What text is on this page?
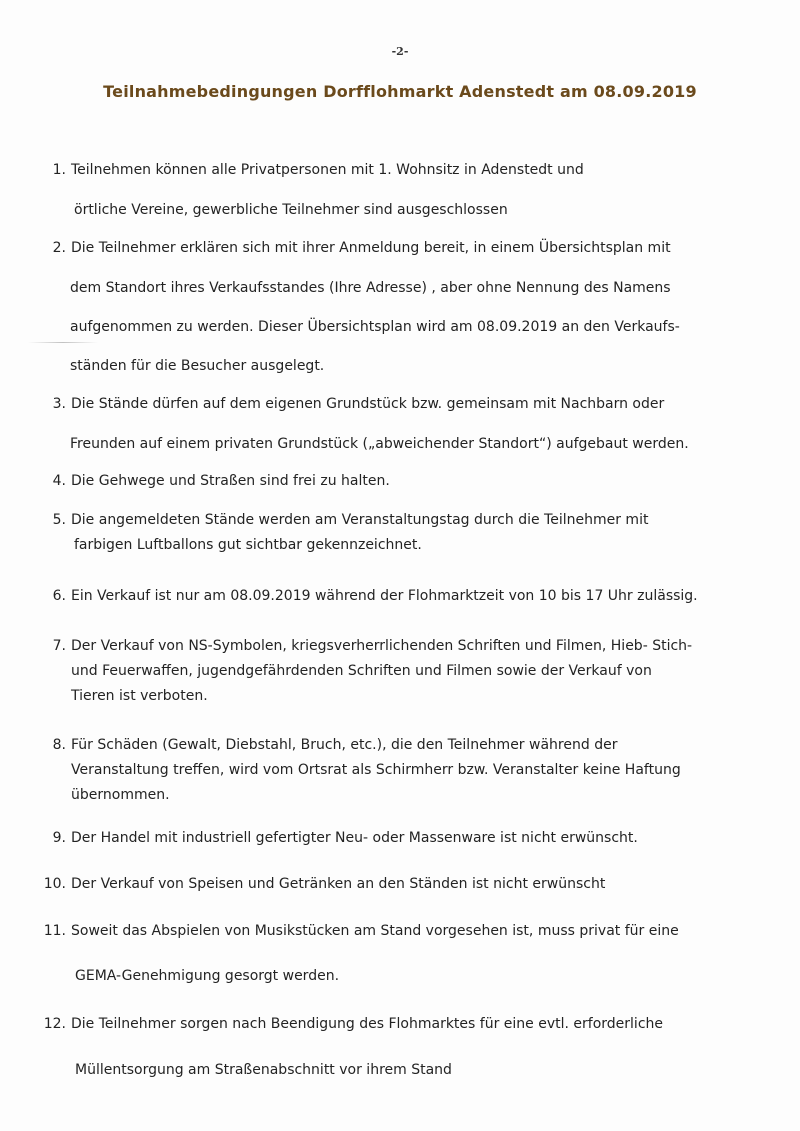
-2-
Teilnahmebedingungen Dorfflohmarkt Adenstedt am 08.09.2019
1. Teilnehmen können alle Privatpersonen mit 1. Wohnsitz in Adenstedt und
örtliche Vereine, gewerbliche Teilnehmer sind ausgeschlossen
2. Die Teilnehmer erklären sich mit ihrer Anmeldung bereit, in einem Übersichtsplan mit
dem Standort ihres Verkaufsstandes (Ihre Adresse) , aber ohne Nennung des Namens
aufgenommen zu werden. Dieser Übersichtsplan wird am 08.09.2019 an den Verkaufs-
ständen für die Besucher ausgelegt.
3. Die Stände dürfen auf dem eigenen Grundstück bzw. gemeinsam mit Nachbarn oder
Freunden auf einem privaten Grundstück („abweichender Standort“) aufgebaut werden.
4. Die Gehwege und Straßen sind frei zu halten.
5. Die angemeldeten Stände werden am Veranstaltungstag durch die Teilnehmer mit
farbigen Luftballons gut sichtbar gekennzeichnet.
6. Ein Verkauf ist nur am 08.09.2019 während der Flohmarktzeit von 10 bis 17 Uhr zulässig.
7. Der Verkauf von NS-Symbolen, kriegsverherrlichenden Schriften und Filmen, Hieb- Stich-
und Feuerwaffen, jugendgefährdenden Schriften und Filmen sowie der Verkauf von
Tieren ist verboten.
8. Für Schäden (Gewalt, Diebstahl, Bruch, etc.), die den Teilnehmer während der
Veranstaltung treffen, wird vom Ortsrat als Schirmherr bzw. Veranstalter keine Haftung
übernommen.
9. Der Handel mit industriell gefertigter Neu- oder Massenware ist nicht erwünscht.
10. Der Verkauf von Speisen und Getränken an den Ständen ist nicht erwünscht
11. Soweit das Abspielen von Musikstücken am Stand vorgesehen ist, muss privat für eine
GEMA-Genehmigung gesorgt werden.
12. Die Teilnehmer sorgen nach Beendigung des Flohmarktes für eine evtl. erforderliche
Müllentsorgung am Straßenabschnitt vor ihrem Stand
